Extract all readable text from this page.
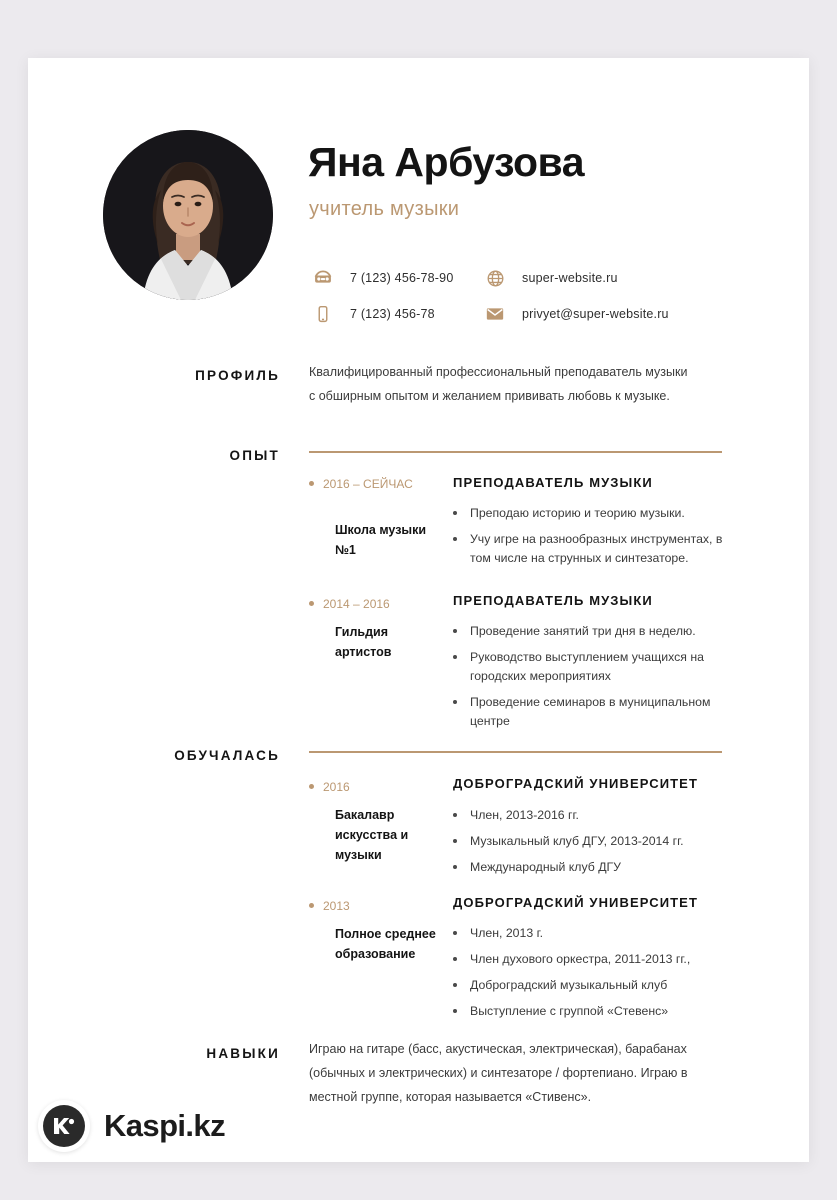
Яна Арбузова
учитель музыки
7 (123) 456-78-90	super-website.ru
7 (123) 456-78	privyet@super-website.ru
ПРОФИЛЬ Квалифицированный профессиональный преподаватель музыки
с обширным опытом и желанием прививать любовь к музыке.
ОПЫТ
2016 – СЕЙЧАС
Школа музыки №1
ПРЕПОДАВАТЕЛЬ МУЗЫКИ
Преподаю историю и теорию музыки.
Учу игре на разнообразных инструментах, в том числе на струнных и синтезаторе.
2014 – 2016
Гильдия артистов
ПРЕПОДАВАТЕЛЬ МУЗЫКИ
Проведение занятий три дня в неделю.
Руководство выступлением учащихся на городских мероприятиях
Проведение семинаров в муниципальном центре
ОБУЧАЛАСЬ
2016
Бакалавр искусства и музыки
ДОБРОГРАДСКИЙ УНИВЕРСИТЕТ
Член, 2013-2016 гг.
Музыкальный клуб ДГУ, 2013-2014 гг.
Международный клуб ДГУ
2013
Полное среднее образование
ДОБРОГРАДСКИЙ УНИВЕРСИТЕТ
Член, 2013 г.
Член духового оркестра, 2011-2013 гг.,
Доброградский музыкальный клуб
Выступление с группой «Стевенс»
НАВЫКИ Играю на гитаре (басс, акустическая, электрическая), барабанах
(обычных и электрических) и синтезаторе / фортепиано. Играю в
местной группе, которая называется «Стивенс».
Kaspi.kz
